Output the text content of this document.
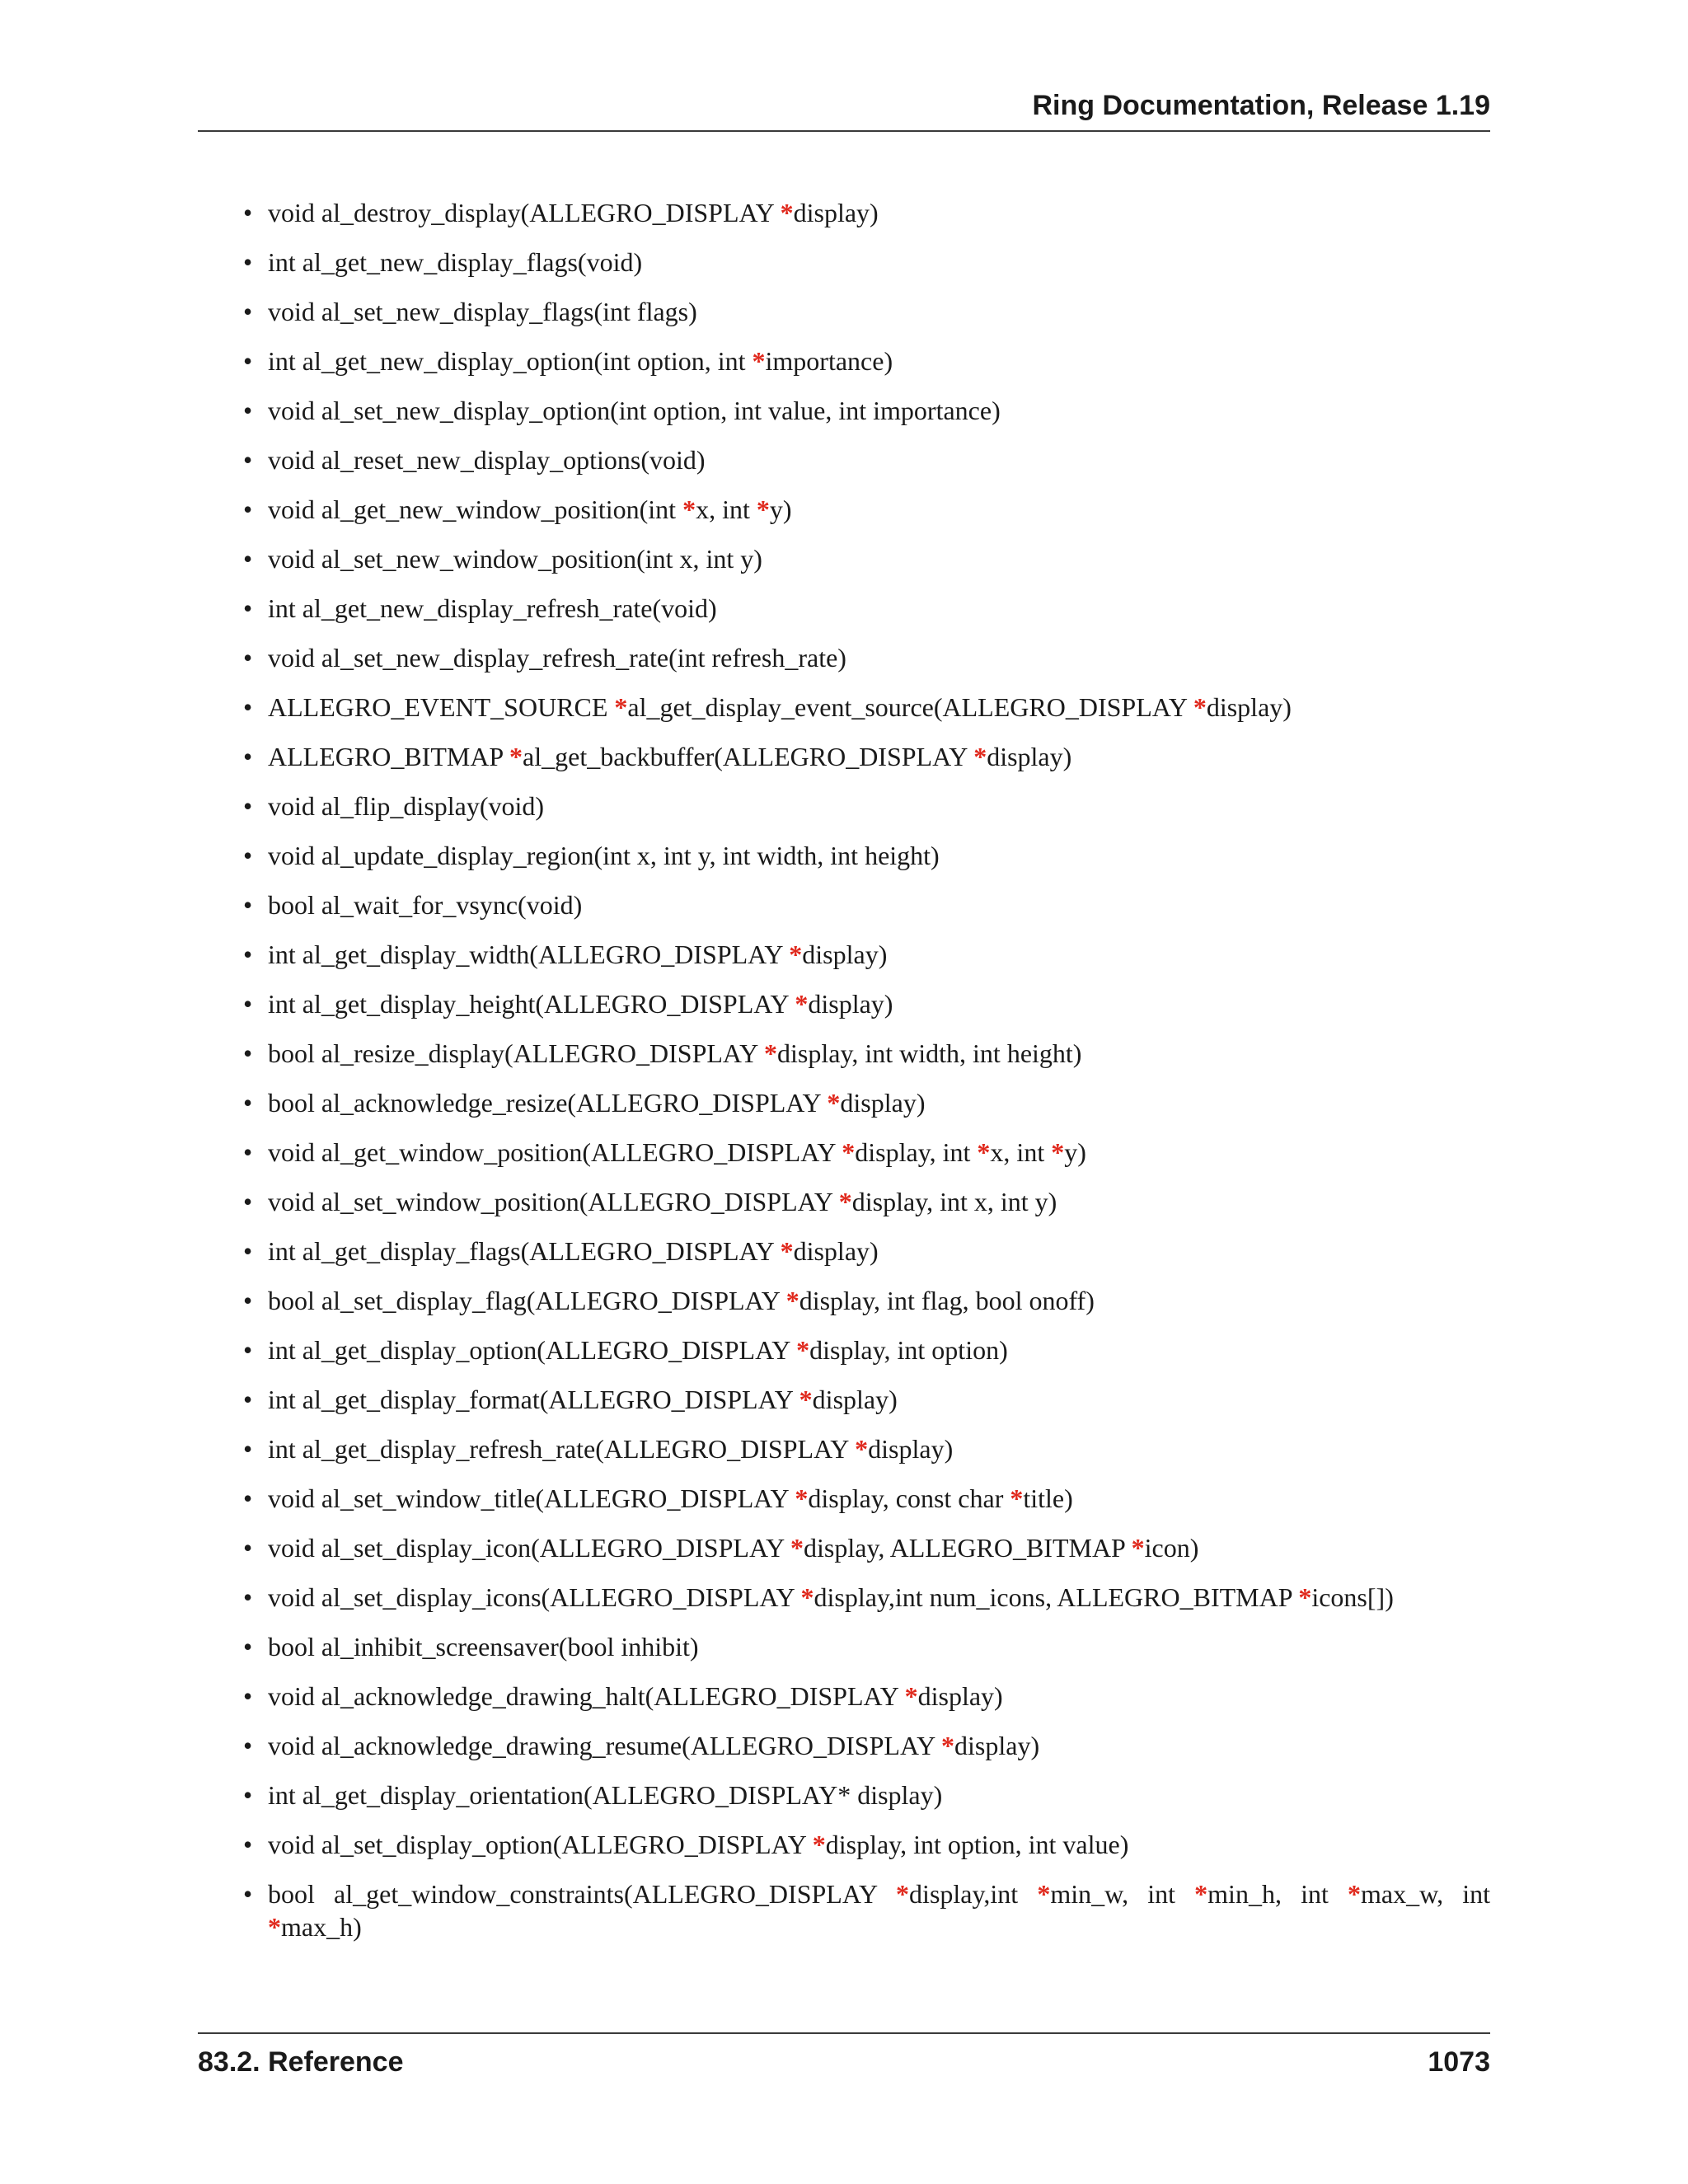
Ring Documentation, Release 1.19
• void al_destroy_display(ALLEGRO_DISPLAY *display)
• int al_get_new_display_flags(void)
• void al_set_new_display_flags(int flags)
• int al_get_new_display_option(int option, int *importance)
• void al_set_new_display_option(int option, int value, int importance)
• void al_reset_new_display_options(void)
• void al_get_new_window_position(int *x, int *y)
• void al_set_new_window_position(int x, int y)
• int al_get_new_display_refresh_rate(void)
• void al_set_new_display_refresh_rate(int refresh_rate)
• ALLEGRO_EVENT_SOURCE *al_get_display_event_source(ALLEGRO_DISPLAY *display)
• ALLEGRO_BITMAP *al_get_backbuffer(ALLEGRO_DISPLAY *display)
• void al_flip_display(void)
• void al_update_display_region(int x, int y, int width, int height)
• bool al_wait_for_vsync(void)
• int al_get_display_width(ALLEGRO_DISPLAY *display)
• int al_get_display_height(ALLEGRO_DISPLAY *display)
• bool al_resize_display(ALLEGRO_DISPLAY *display, int width, int height)
• bool al_acknowledge_resize(ALLEGRO_DISPLAY *display)
• void al_get_window_position(ALLEGRO_DISPLAY *display, int *x, int *y)
• void al_set_window_position(ALLEGRO_DISPLAY *display, int x, int y)
• int al_get_display_flags(ALLEGRO_DISPLAY *display)
• bool al_set_display_flag(ALLEGRO_DISPLAY *display, int flag, bool onoff)
• int al_get_display_option(ALLEGRO_DISPLAY *display, int option)
• int al_get_display_format(ALLEGRO_DISPLAY *display)
• int al_get_display_refresh_rate(ALLEGRO_DISPLAY *display)
• void al_set_window_title(ALLEGRO_DISPLAY *display, const char *title)
• void al_set_display_icon(ALLEGRO_DISPLAY *display, ALLEGRO_BITMAP *icon)
• void al_set_display_icons(ALLEGRO_DISPLAY *display,int num_icons, ALLEGRO_BITMAP *icons[])
• bool al_inhibit_screensaver(bool inhibit)
• void al_acknowledge_drawing_halt(ALLEGRO_DISPLAY *display)
• void al_acknowledge_drawing_resume(ALLEGRO_DISPLAY *display)
• int al_get_display_orientation(ALLEGRO_DISPLAY* display)
• void al_set_display_option(ALLEGRO_DISPLAY *display, int option, int value)
• bool al_get_window_constraints(ALLEGRO_DISPLAY *display,int *min_w, int *min_h, int *max_w, int *max_h)
83.2. Reference	1073
